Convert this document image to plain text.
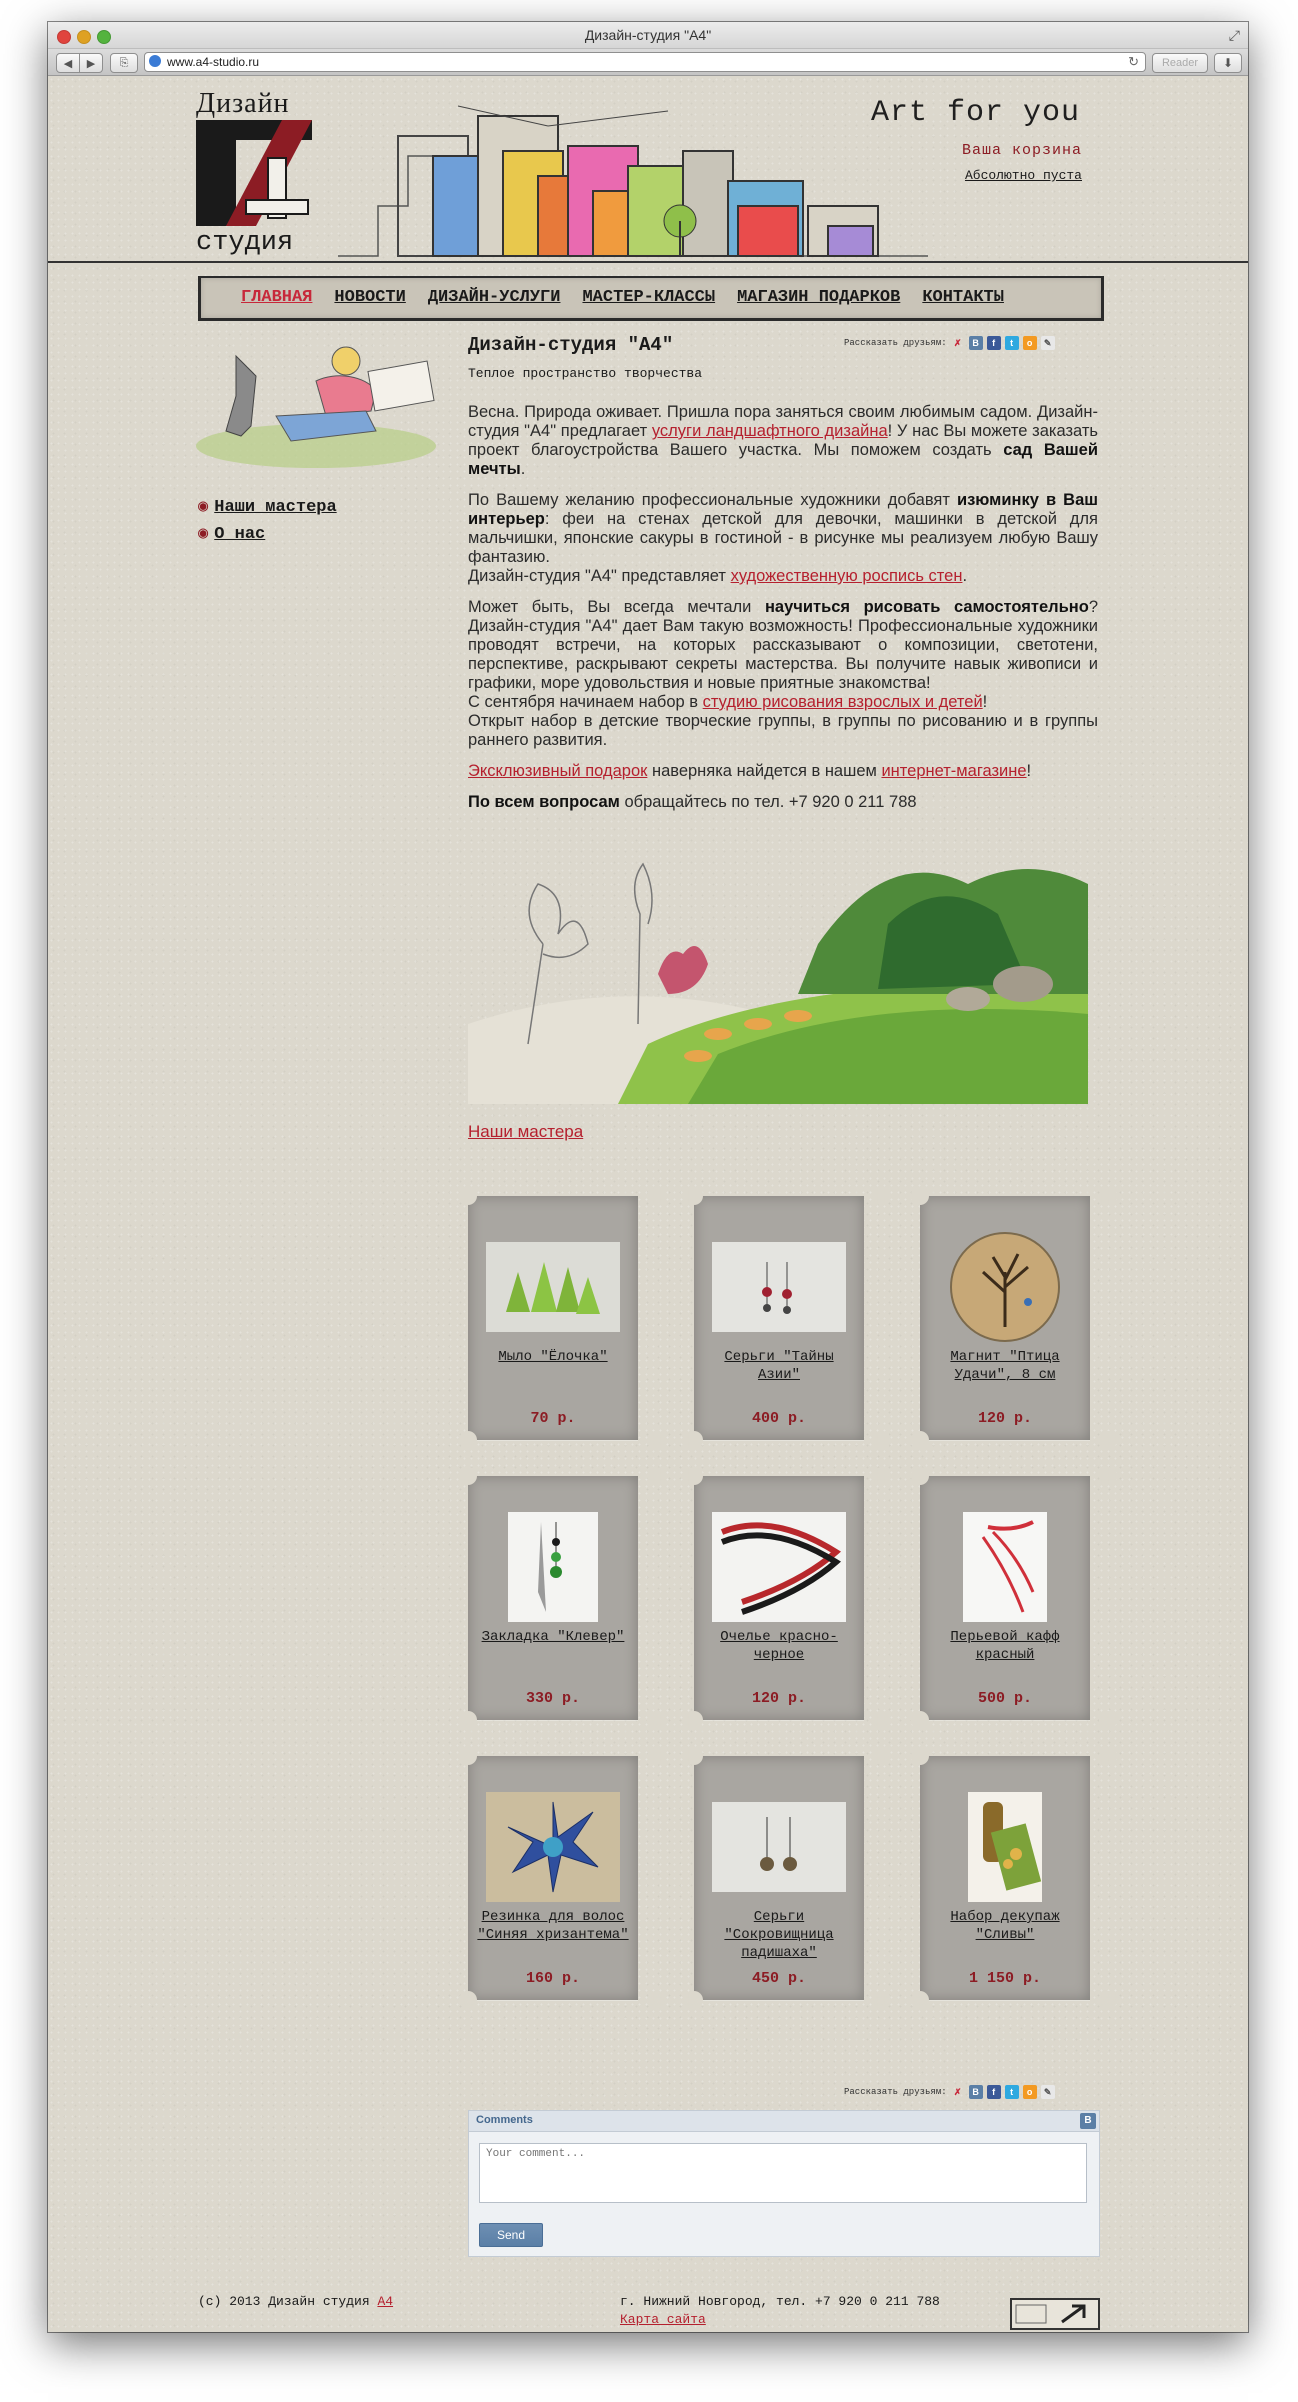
Дизайн-студия "A4"	⤢
◀ ▶ ⎘	www.a4-studio.ru	↻	Reader	⬇
Дизайн
студия
Art for you
Ваша корзина
Абсолютно пуста
ГЛАВНАЯ НОВОСТИ ДИЗАЙН-УСЛУГИ МАСТЕР-КЛАССЫ МАГАЗИН ПОДАРКОВ КОНТАКТЫ
◉ Наши мастера
◉ О нас
Дизайн-студия "А4"	Рассказать друзьям: ✗	B	f	t	o	✎
Теплое пространство творчества

Весна. Природа оживает. Пришла пора заняться своим любимым садом. Дизайн-студия "А4" предлагает услуги ландшафтного дизайна! У нас Вы можете заказать проект благоустройства Вашего участка. Мы поможем создать сад Вашей мечты.

По Вашему желанию профессиональные художники добавят изюминку в Ваш интерьер: феи на стенах детской для девочки, машинки в детской для мальчишки, японские сакуры в гостиной - в рисунке мы реализуем любую Вашу фантазию.
Дизайн-студия "А4" представляет художественную роспись стен.

Может быть, Вы всегда мечтали научиться рисовать самостоятельно? Дизайн-студия "А4" дает Вам такую возможность! Профессиональные художники проводят встречи, на которых рассказывают о композиции, светотени, перспективе, раскрывают секреты мастерства. Вы получите навык живописи и графики, море удовольствия и новые приятные знакомства!
С сентября начинаем набор в студию рисования взрослых и детей!
Открыт набор в детские творческие группы, в группы по рисованию и в группы раннего развития.

Эксклюзивный подарок наверняка найдется в нашем интернет-магазине!

По всем вопросам обращайтесь по тел. +7 920 0 211 788

Наши мастера
Мыло "Ёлочка"
70 р.
Серьги "Тайны Азии"
400 р.
Магнит "Птица Удачи", 8 см
120 р.
Закладка "Клевер"
330 р.
Очелье красно-черное
120 р.
Перьевой кафф красный
500 р.
Резинка для волос "Синяя хризантема"
160 р.
Серьги "Сокровищница падишаха"
450 р.
Набор декупаж "Сливы"
1 150 р.
Рассказать друзьям: ✗	B	f	t	o	✎
Comments	В
Your comment...
Send
(с) 2013 Дизайн студия А4	г. Нижний Новгород, тел. +7 920 0 211 788
Карта сайта
